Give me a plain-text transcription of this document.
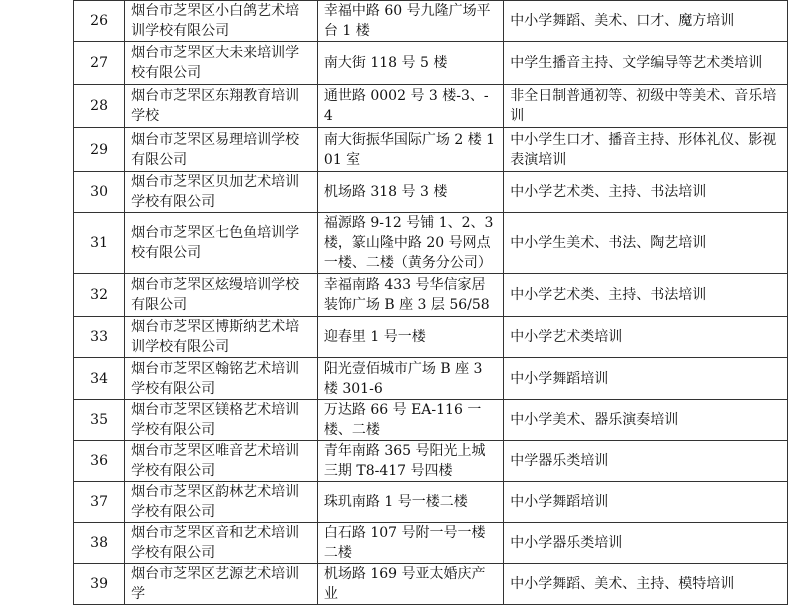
26	烟台市芝罘区小白鸽艺术培训学校有限公司	幸福中路 60 号九隆广场平台 1 楼	中小学舞蹈、美术、口才、魔方培训
27	烟台市芝罘区大未来培训学校有限公司	南大街 118 号 5 楼	中学生播音主持、文学编导等艺术类培训
28	烟台市芝罘区东翔教育培训学校	通世路 0002 号 3 楼-3、-4	非全日制普通初等、初级中等美术、音乐培训
29	烟台市芝罘区易理培训学校有限公司	南大街振华国际广场 2 楼 101 室	中小学生口才、播音主持、形体礼仪、影视表演培训
30	烟台市芝罘区贝加艺术培训学校有限公司	机场路 318 号 3 楼	中小学艺术类、主持、书法培训
31	烟台市芝罘区七色鱼培训学校有限公司	福源路 9-12 号铺 1、2、3 楼，篆山隆中路 20 号网点一楼、二楼（黄务分公司）	中小学生美术、书法、陶艺培训
32	烟台市芝罘区炫缦培训学校有限公司	幸福南路 433 号华信家居装饰广场 B 座 3 层 56/58	中小学艺术类、主持、书法培训
33	烟台市芝罘区博斯纳艺术培训学校有限公司	迎春里 1 号一楼	中小学艺术类培训
34	烟台市芝罘区翰铭艺术培训学校有限公司	阳光壹佰城市广场 B 座 3 楼 301-6	中小学舞蹈培训
35	烟台市芝罘区镁格艺术培训学校有限公司	万达路 66 号 EA-116 一楼、二楼	中小学美术、器乐演奏培训
36	烟台市芝罘区唯音艺术培训学校有限公司	青年南路 365 号阳光上城三期 T8-417 号四楼	中学器乐类培训
37	烟台市芝罘区韵林艺术培训学校有限公司	珠玑南路 1 号一楼二楼	中小学舞蹈培训
38	烟台市芝罘区音和艺术培训学校有限公司	白石路 107 号附一号一楼二楼	中小学器乐类培训
39	烟台市芝罘区艺源艺术培训学	机场路 169 号亚太婚庆产业	中小学舞蹈、美术、主持、模特培训
